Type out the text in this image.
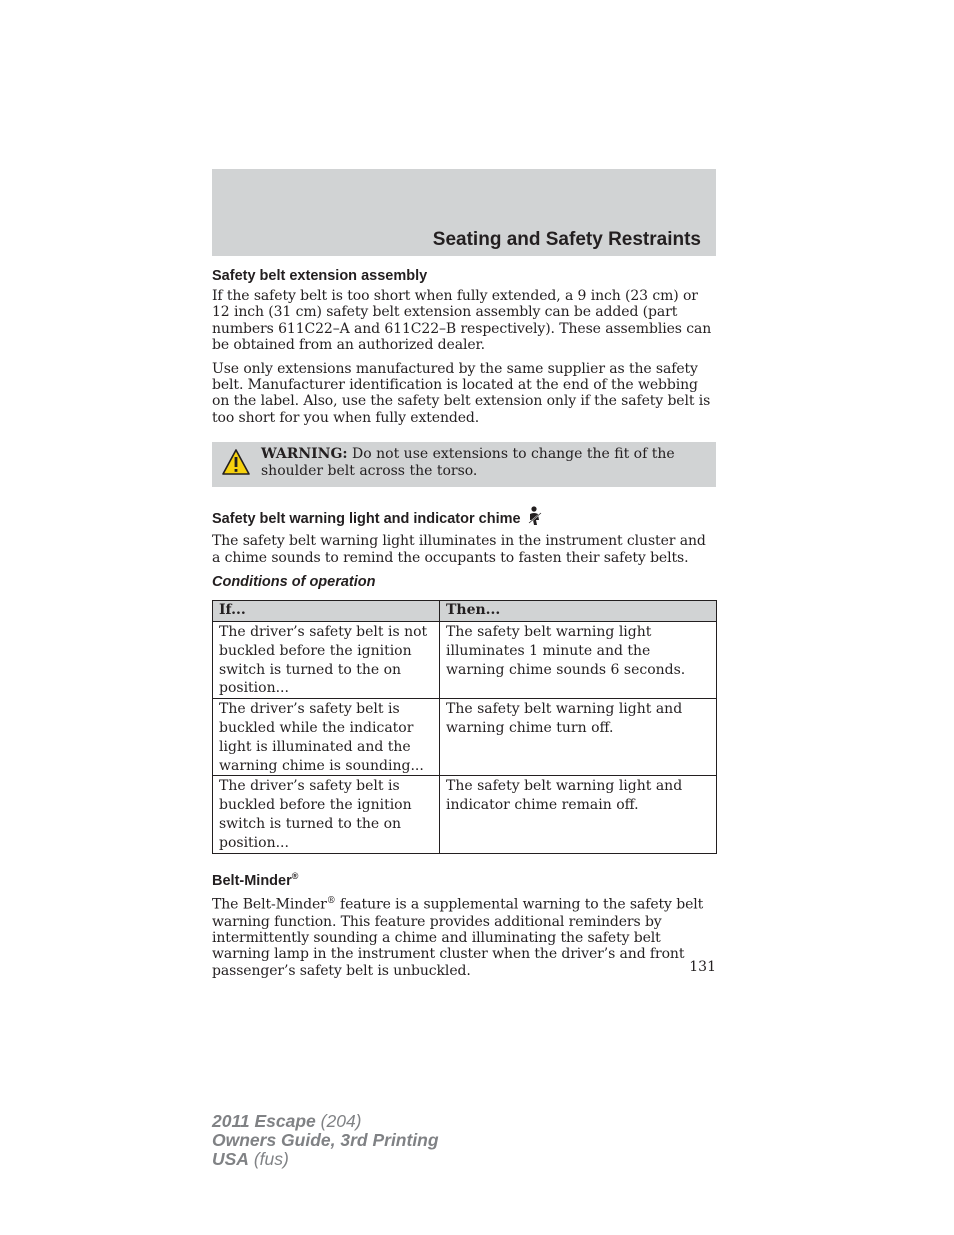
Seating and Safety Restraints
Safety belt extension assembly

If the safety belt is too short when fully extended, a 9 inch (23 cm) or 12 inch (31 cm) safety belt extension assembly can be added (part numbers 611C22–A and 611C22–B respectively). These assemblies can be obtained from an authorized dealer.

Use only extensions manufactured by the same supplier as the safety belt. Manufacturer identification is located at the end of the webbing on the label. Also, use the safety belt extension only if the safety belt is too short for you when fully extended.

WARNING: Do not use extensions to change the fit of the shoulder belt across the torso.
Safety belt warning light and indicator chime

The safety belt warning light illuminates in the instrument cluster and a chime sounds to remind the occupants to fasten their safety belts.

Conditions of operation
If...	Then...
The driver’s safety belt is not buckled before the ignition switch is turned to the on position...	The safety belt warning light illuminates 1 minute and the warning chime sounds 6 seconds.
The driver’s safety belt is buckled while the indicator light is illuminated and the warning chime is sounding...	The safety belt warning light and warning chime turn off.
The driver’s safety belt is buckled before the ignition switch is turned to the on position...	The safety belt warning light and indicator chime remain off.
Belt-Minder®

The Belt-Minder® feature is a supplemental warning to the safety belt warning function. This feature provides additional reminders by intermittently sounding a chime and illuminating the safety belt warning lamp in the instrument cluster when the driver’s and front passenger’s safety belt is unbuckled.	131
2011 Escape (204)
Owners Guide, 3rd Printing
USA (fus)
